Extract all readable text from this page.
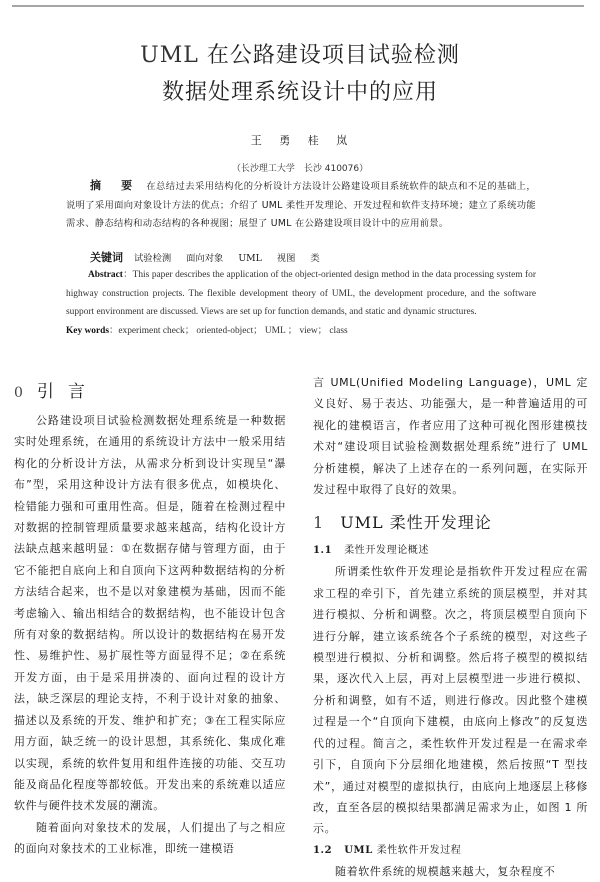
UML 在公路建设项目试验检测
数据处理系统设计中的应用
王 勇 桂 岚
（长沙理工大学　长沙 410076）
摘 要 在总结过去采用结构化的分析设计方法设计公路建设项目系统软件的缺点和不足的基础上，说明了采用面向对象设计方法的优点；介绍了 UML 柔性开发理论、开发过程和软件支持环境；建立了系统功能需求、静态结构和动态结构的各种视图；展望了 UML 在公路建设项目设计中的应用前景。
关键词 试验检测 面向对象 UML 视图 类
Abstract：This paper describes the application of the object-oriented design method in the data processing system for highway construction projects. The flexible development theory of UML, the development procedure, and the software support environment are discussed. Views are set up for function demands, and static and dynamic structures.
Key words：experiment check； oriented-object； UML ； view； class
0 引言

公路建设项目试验检测数据处理系统是一种数据实时处理系统，在通用的系统设计方法中一般采用结构化的分析设计方法，从需求分析到设计实现呈“瀑布”型，采用这种设计方法有很多优点，如模块化、检错能力强和可重用性高。但是，随着在检测过程中对数据的控制管理质量要求越来越高，结构化设计方法缺点越来越明显：①在数据存储与管理方面，由于它不能把自底向上和自顶向下这两种数据结构的分析方法结合起来，也不是以对象建模为基础，因而不能考虑输入、输出相结合的数据结构，也不能设计包含所有对象的数据结构。所以设计的数据结构在易开发性、易维护性、易扩展性等方面显得不足；②在系统开发方面，由于是采用拼凑的、面向过程的设计方法，缺乏深层的理论支持，不利于设计对象的抽象、描述以及系统的开发、维护和扩充；③在工程实际应用方面，缺乏统一的设计思想，其系统化、集成化难以实现，系统的软件复用和组件连接的功能、交互功能及商品化程度等都较低。开发出来的系统难以适应软件与硬件技术发展的潮流。

随着面向对象技术的发展，人们提出了与之相应的面向对象技术的工业标准，即统一建模语

言 UML(Unified Modeling Language)，UML 定义良好、易于表达、功能强大，是一种普遍适用的可视化的建模语言，作者应用了这种可视化图形建模技术对“建设项目试验检测数据处理系统”进行了 UML 分析建模，解决了上述存在的一系列问题，在实际开发过程中取得了良好的效果。

1 UML 柔性开发理论
1.1 柔性开发理论概述

所谓柔性软件开发理论是指软件开发过程应在需求工程的牵引下，首先建立系统的顶层模型，并对其进行模拟、分析和调整。次之，将顶层模型自顶向下进行分解，建立该系统各个子系统的模型，对这些子模型进行模拟、分析和调整。然后将子模型的模拟结果，逐次代入上层，再对上层模型进一步进行模拟、分析和调整，如有不适，则进行修改。因此整个建模过程是一个“自顶向下建模，由底向上修改”的反复迭代的过程。简言之，柔性软件开发过程是一在需求牵引下，自顶向下分层细化地建模，然后按照“T 型技术”，通过对模型的虚拟执行，由底向上地逐层上移修改，直至各层的模拟结果都满足需求为止，如图 1 所示。

1.2 UML 柔性软件开发过程

随着软件系统的规模越来越大，复杂程度不
